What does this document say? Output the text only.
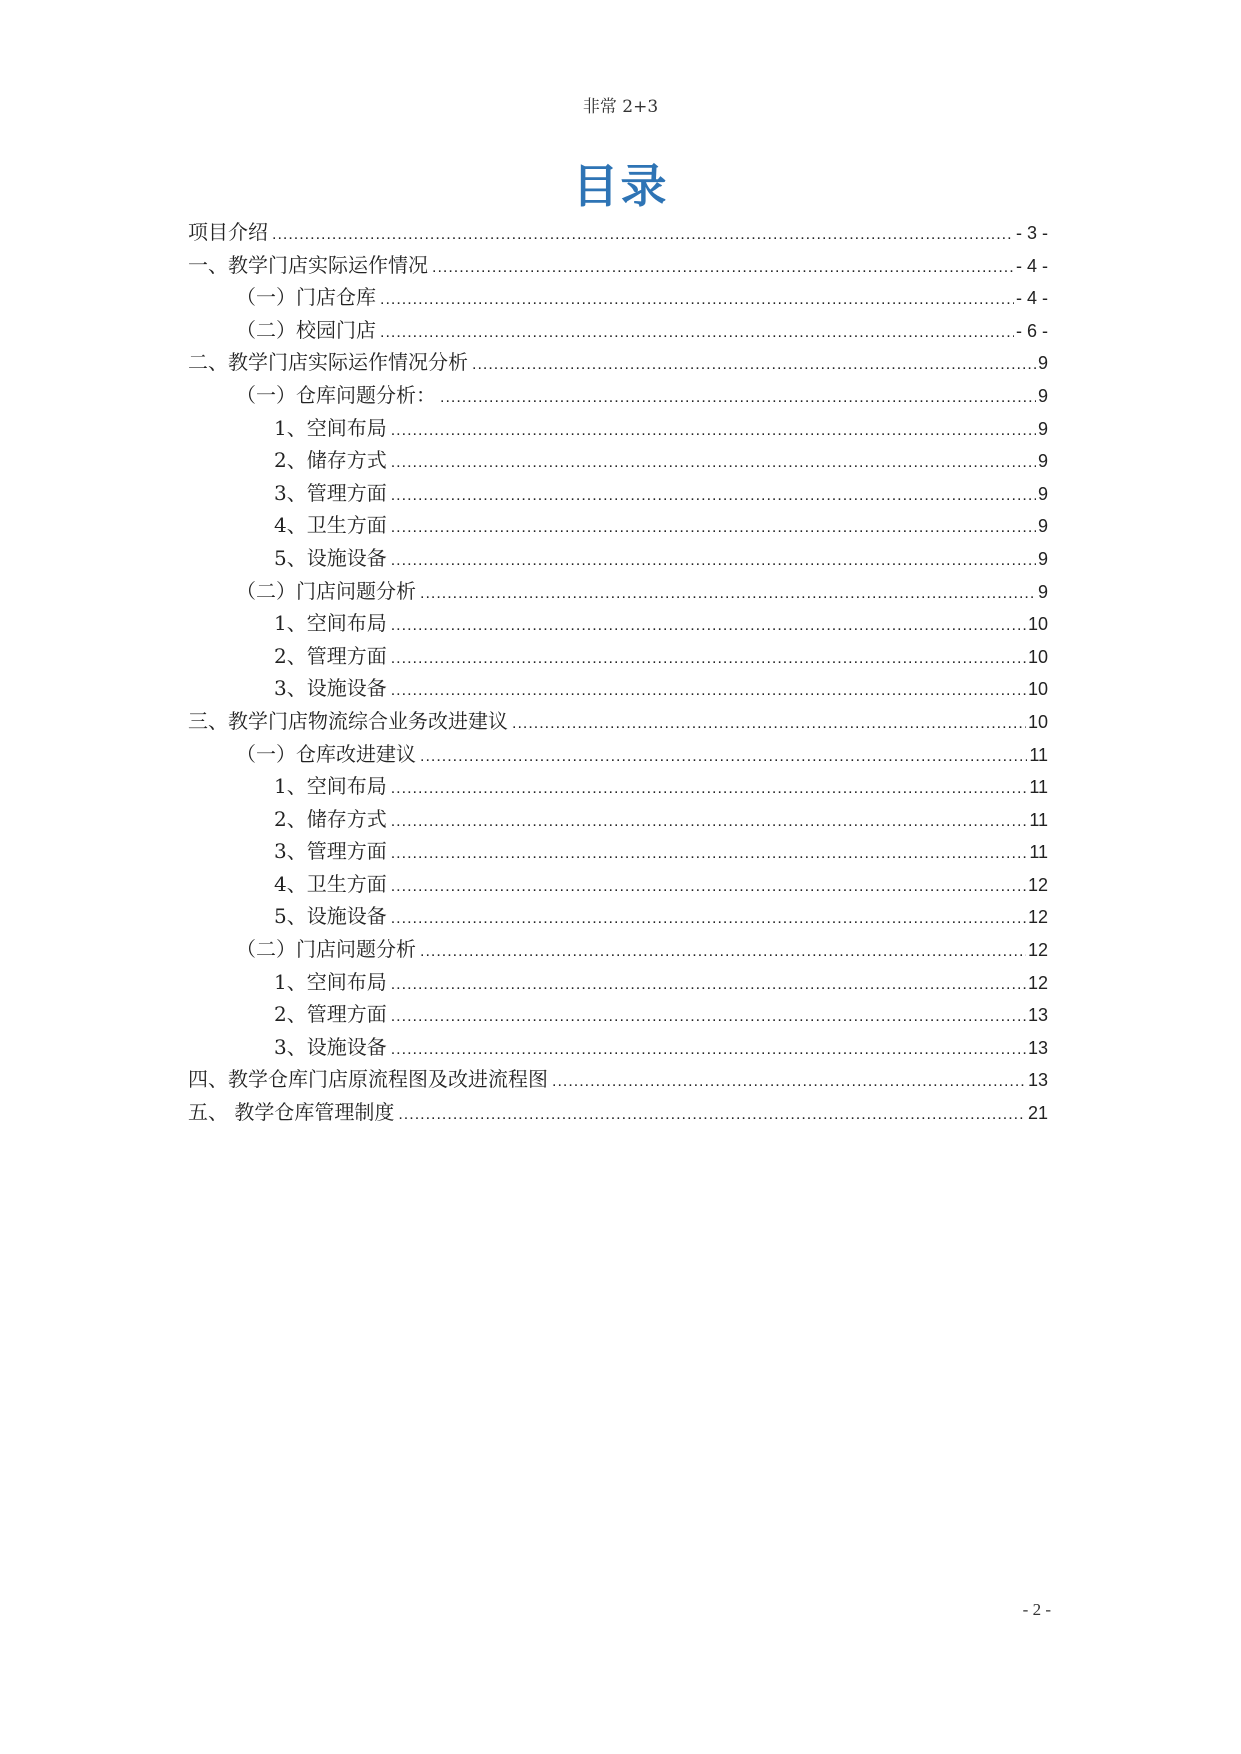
非常 2+3
目录
项目介绍 .....	- 3 -
一、教学门店实际运作情况 .....	- 4 -
（一）门店仓库 .....	- 4 -
（二）校园门店 .....	- 6 -
二、教学门店实际运作情况分析 .....	9
（一）仓库问题分析： .....	9
1、空间布局 .....	9
2、储存方式 .....	9
3、管理方面 .....	9
4、卫生方面 .....	9
5、设施设备 .....	9
（二）门店问题分析 .....	9
1、空间布局 .....	10
2、管理方面 .....	10
3、设施设备 .....	10
三、教学门店物流综合业务改进建议 .....	10
（一）仓库改进建议 .....	11
1、空间布局 .....	11
2、储存方式 .....	11
3、管理方面 .....	11
4、卫生方面 .....	12
5、设施设备 .....	12
（二）门店问题分析 .....	12
1、空间布局 .....	12
2、管理方面 .....	13
3、设施设备 .....	13
四、教学仓库门店原流程图及改进流程图 .....	13
五、 教学仓库管理制度 .....	21
- 2 -
